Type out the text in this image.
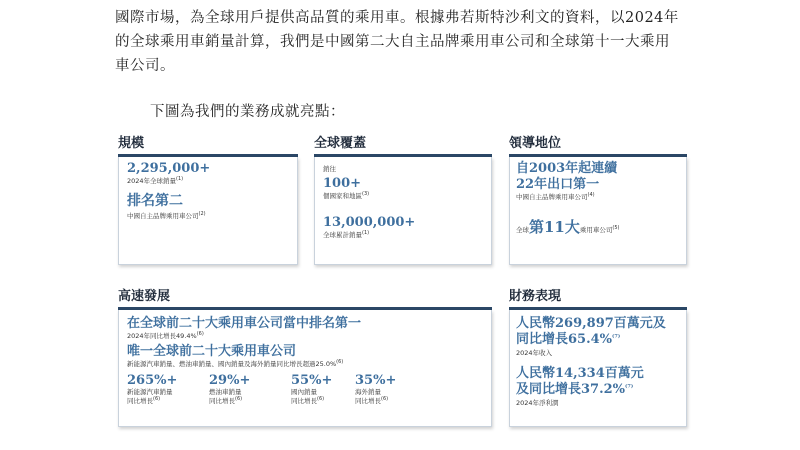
國際市場，為全球用戶提供高品質的乘用車。根據弗若斯特沙利文的資料，以2024年
的全球乘用車銷量計算，我們是中國第二大自主品牌乘用車公司和全球第十一大乘用
車公司。
下圖為我們的業務成就亮點：
規模
2,295,000+
2024年全球銷量$^{(1)}$
排名第二
中國自主品牌乘用車公司$^{(2)}$
全球覆蓋
銷往
100+
個國家和地區$^{(3)}$
13,000,000+
全球累計銷量$^{(1)}$
領導地位
自2003年起連續
22年出口第一
中國自主品牌乘用車公司$^{(4)}$
全球第11大乘用車公司$^{(5)}$
高速發展
在全球前二十大乘用車公司當中排名第一
2024年同比增長49.4%$^{(6)}$
唯一全球前二十大乘用車公司
新能源汽車銷量、燃油車銷量、國內銷量及海外銷量同比增長超過25.0%$^{(6)}$
265%+
新能源汽車銷量
同比增長$^{(6)}$
29%+
燃油車銷量
同比增長$^{(6)}$
55%+
國內銷量
同比增長$^{(6)}$
35%+
海外銷量
同比增長$^{(6)}$
財務表現
人民幣269,897百萬元及
同比增長65.4%$^{(7)}$
2024年收入
人民幣14,334百萬元
及同比增長37.2%$^{(7)}$
2024年淨利潤
